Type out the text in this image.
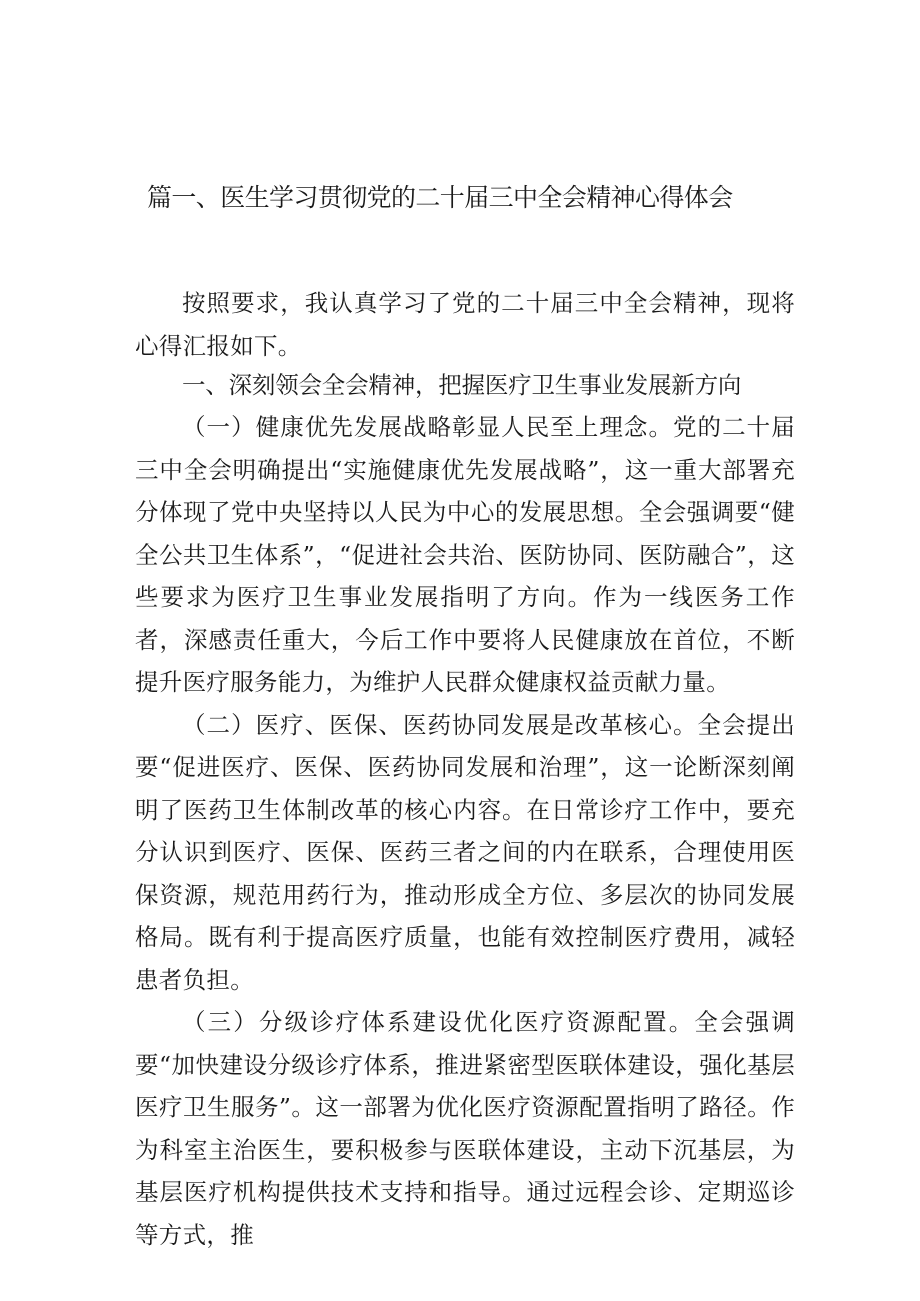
篇一、医生学习贯彻党的二十届三中全会精神心得体会

按照要求，我认真学习了党的二十届三中全会精神，现将心得汇报如下。

一、深刻领会全会精神，把握医疗卫生事业发展新方向

（一）健康优先发展战略彰显人民至上理念。党的二十届三中全会明确提出“实施健康优先发展战略”，这一重大部署充分体现了党中央坚持以人民为中心的发展思想。全会强调要“健全公共卫生体系”，“促进社会共治、医防协同、医防融合”，这些要求为医疗卫生事业发展指明了方向。作为一线医务工作者，深感责任重大，今后工作中要将人民健康放在首位，不断提升医疗服务能力，为维护人民群众健康权益贡献力量。

（二）医疗、医保、医药协同发展是改革核心。全会提出要“促进医疗、医保、医药协同发展和治理”，这一论断深刻阐明了医药卫生体制改革的核心内容。在日常诊疗工作中，要充分认识到医疗、医保、医药三者之间的内在联系，合理使用医保资源，规范用药行为，推动形成全方位、多层次的协同发展格局。既有利于提高医疗质量，也能有效控制医疗费用，减轻患者负担。

（三）分级诊疗体系建设优化医疗资源配置。全会强调要“加快建设分级诊疗体系，推进紧密型医联体建设，强化基层医疗卫生服务”。这一部署为优化医疗资源配置指明了路径。作为科室主治医生，要积极参与医联体建设，主动下沉基层，为基层医疗机构提供技术支持和指导。通过远程会诊、定期巡诊等方式，推
